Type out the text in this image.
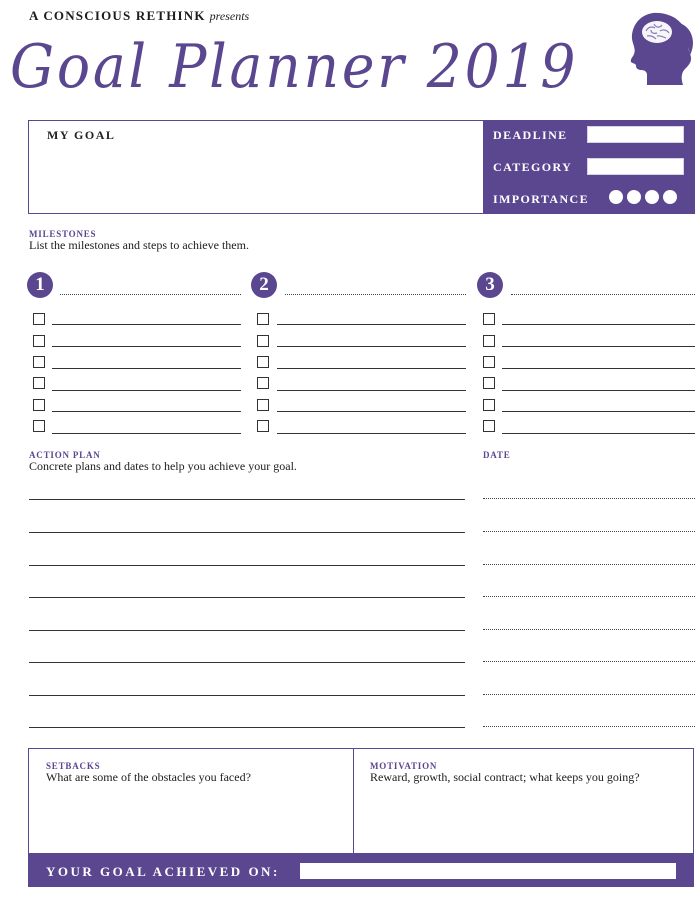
A CONSCIOUS RETHINK presents
Goal Planner 2019
MY GOAL	DEADLINE
CATEGORY
IMPORTANCE
MILESTONES
List the milestones and steps to achieve them.
1	2	3
ACTION PLAN
Concrete plans and dates to help you achieve your goal.
DATE
SETBACKS
What are some of the obstacles you faced?
MOTIVATION
Reward, growth, social contract; what keeps you going?
YOUR GOAL ACHIEVED ON:
